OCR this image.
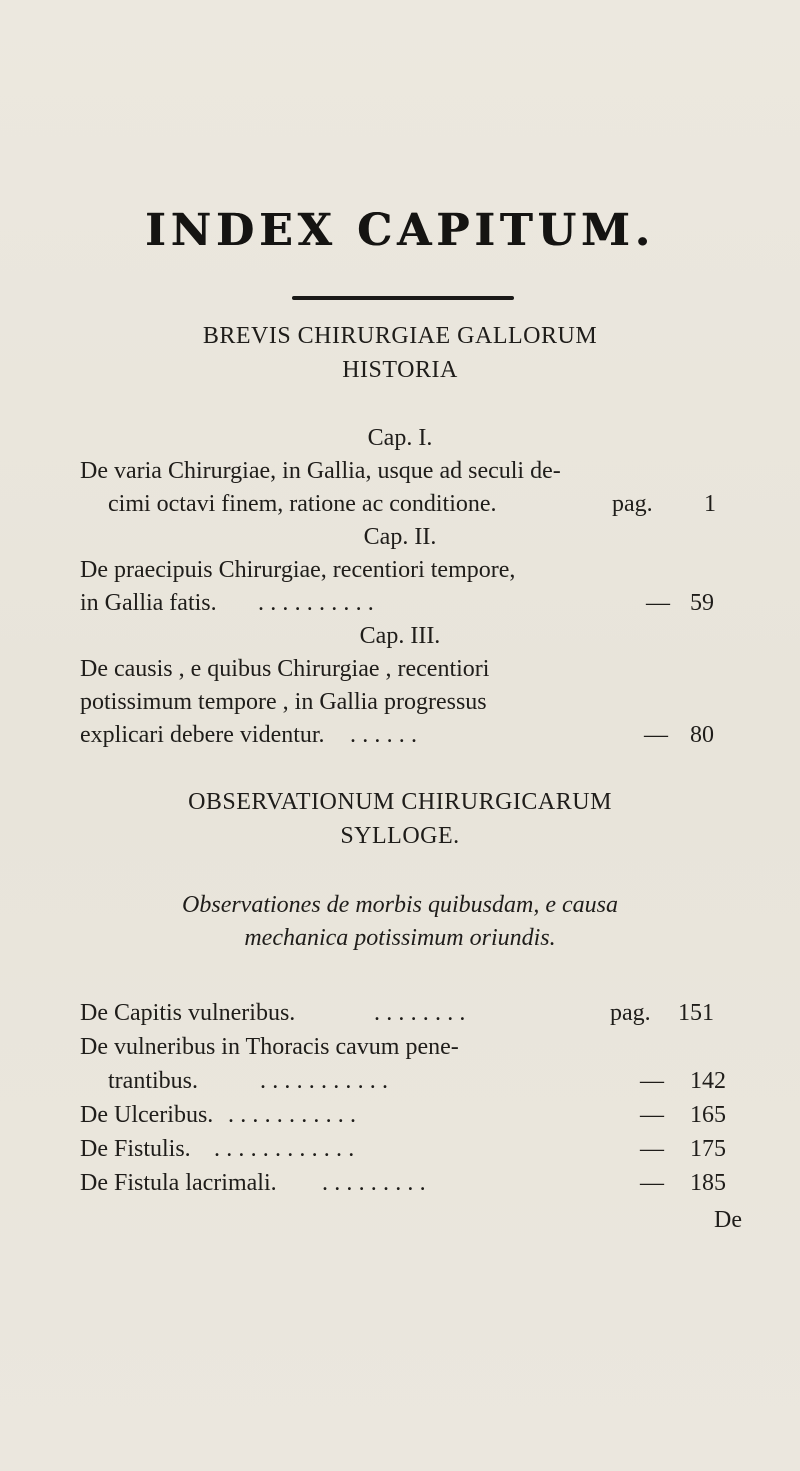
INDEX CAPITUM.
BREVIS CHIRURGIAE GALLORUM
HISTORIA
Cap. I.
De varia Chirurgiae, in Gallia, usque ad seculi de-
cimi octavi finem, ratione ac conditione.	pag. 1
Cap. II.
De praecipuis Chirurgiae, recentiori tempore,
in Gallia fatis. ..........	— 59
Cap. III.
De causis , e quibus Chirurgiae , recentiori
potissimum tempore , in Gallia progressus
explicari debere videntur. ......	— 80
OBSERVATIONUM CHIRURGICARUM
SYLLOGE.
Observationes de morbis quibusdam, e causa
mechanica potissimum oriundis.
De Capitis vulneribus.	........	pag. 151
De vulneribus in Thoracis cavum pene-
trantibus.	...........	— 142
De Ulceribus. ...........	— 165
De Fistulis. ............	— 175
De Fistula lacrimali. .........	— 185
De
